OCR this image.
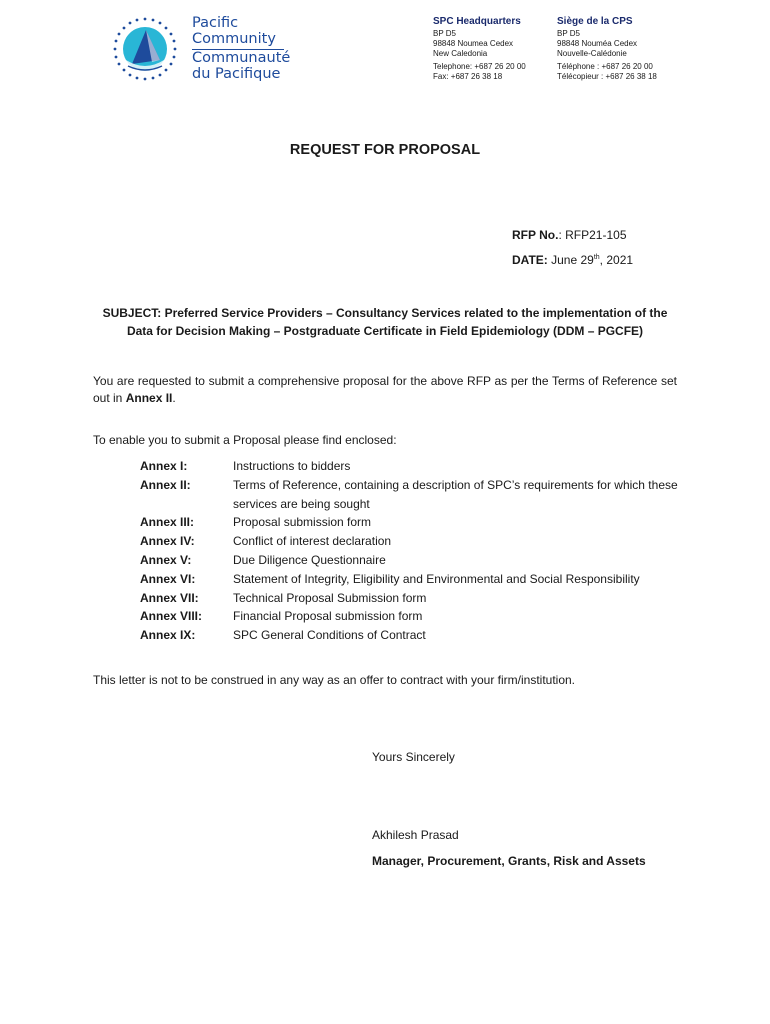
Pacific
Community
Communauté
du Pacifique
SPC Headquarters
BP D5
98848 Noumea Cedex
New Caledonia
Telephone: +687 26 20 00
Fax: +687 26 38 18
Siège de la CPS
BP D5
98848 Nouméa Cedex
Nouvelle-Calédonie
Téléphone : +687 26 20 00
Télécopieur : +687 26 38 18
REQUEST FOR PROPOSAL
RFP No.: RFP21-105
DATE: June 29th, 2021
SUBJECT: Preferred Service Providers – Consultancy Services related to the implementation of the
Data for Decision Making – Postgraduate Certificate in Field Epidemiology (DDM – PGCFE)
You are requested to submit a comprehensive proposal for the above RFP as per the Terms of Reference set out in Annex II.
To enable you to submit a Proposal please find enclosed:
Annex I:	Instructions to bidders
Annex II:	Terms of Reference, containing a description of SPC’s requirements for which these services are being sought
Annex III:	Proposal submission form
Annex IV:	Conflict of interest declaration
Annex V:	Due Diligence Questionnaire
Annex VI:	Statement of Integrity, Eligibility and Environmental and Social Responsibility
Annex VII:	Technical Proposal Submission form
Annex VIII:	Financial Proposal submission form
Annex IX:	SPC General Conditions of Contract
This letter is not to be construed in any way as an offer to contract with your firm/institution.
Yours Sincerely
Akhilesh Prasad
Manager, Procurement, Grants, Risk and Assets
